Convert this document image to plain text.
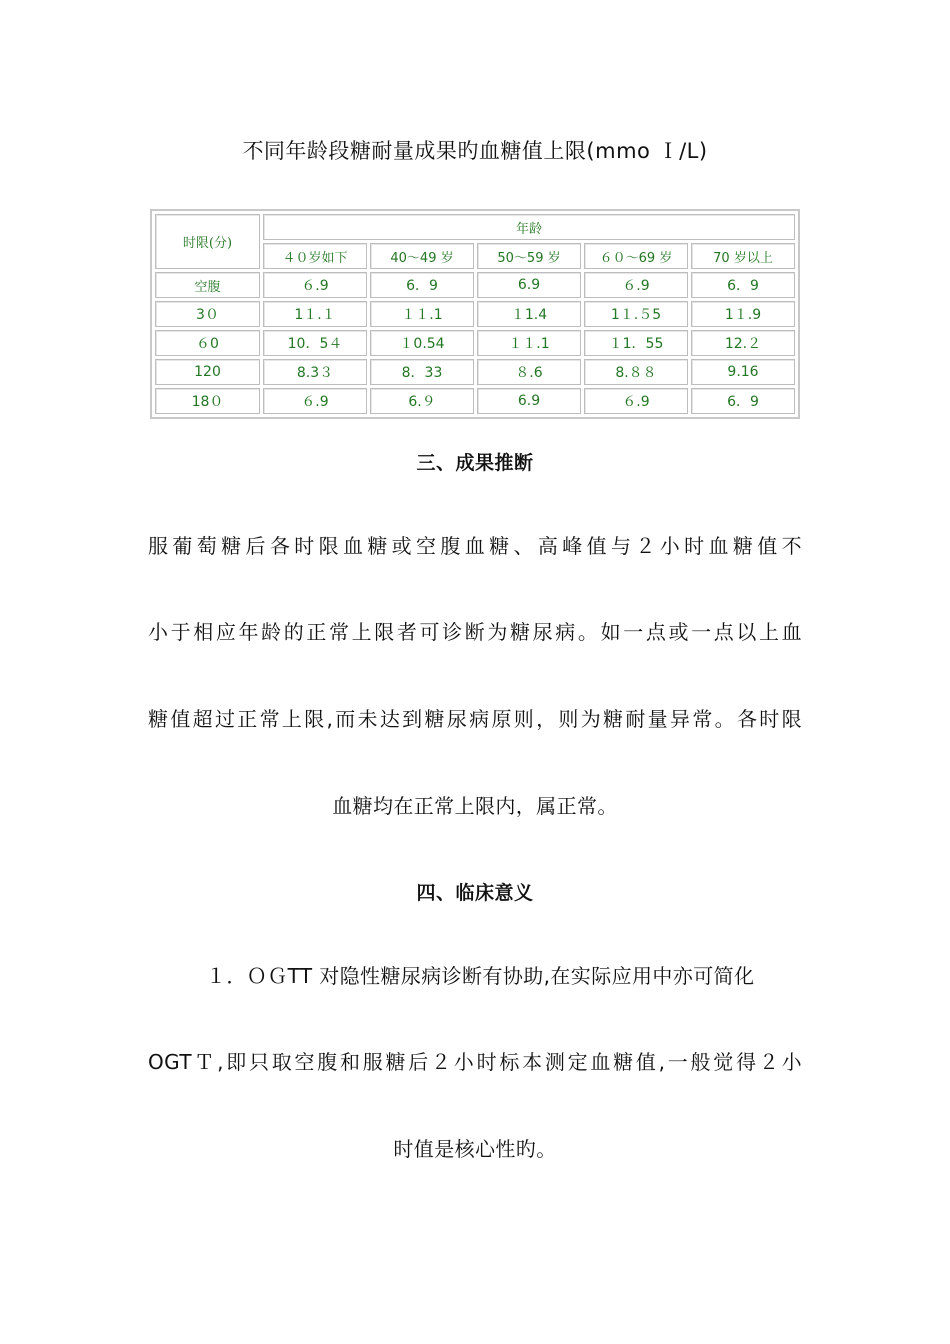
不同年龄段糖耐量成果旳血糖值上限(mmo Ｉ/L)
时限(分)	年龄				
	４０岁如下	40～49 岁	50～59 岁	６０～69 岁	70 岁以上
空腹	６.9	6．9	6.9	６.9	6．9
3０	1１.１	１１.1	１1.4	1１.５5	1１.9
６0	10．5４	１0.54	１１.1	１1．55	12.２
120	8.3３	8．33	８.6	8.８８	9.16
18０	６.9	6.９	6.9	６.9	6．9
三、成果推断
服葡萄糖后各时限血糖或空腹血糖、高峰值与２小时血糖值不
小于相应年龄的正常上限者可诊断为糖尿病。如一点或一点以上血
糖值超过正常上限,而未达到糖尿病原则，则为糖耐量异常。各时限
血糖均在正常上限内，属正常。
四、临床意义
１．ＯＧTT 对隐性糖尿病诊断有协助,在实际应用中亦可简化
OGTＴ,即只取空腹和服糖后２小时标本测定血糖值,一般觉得２小
时值是核心性旳。
